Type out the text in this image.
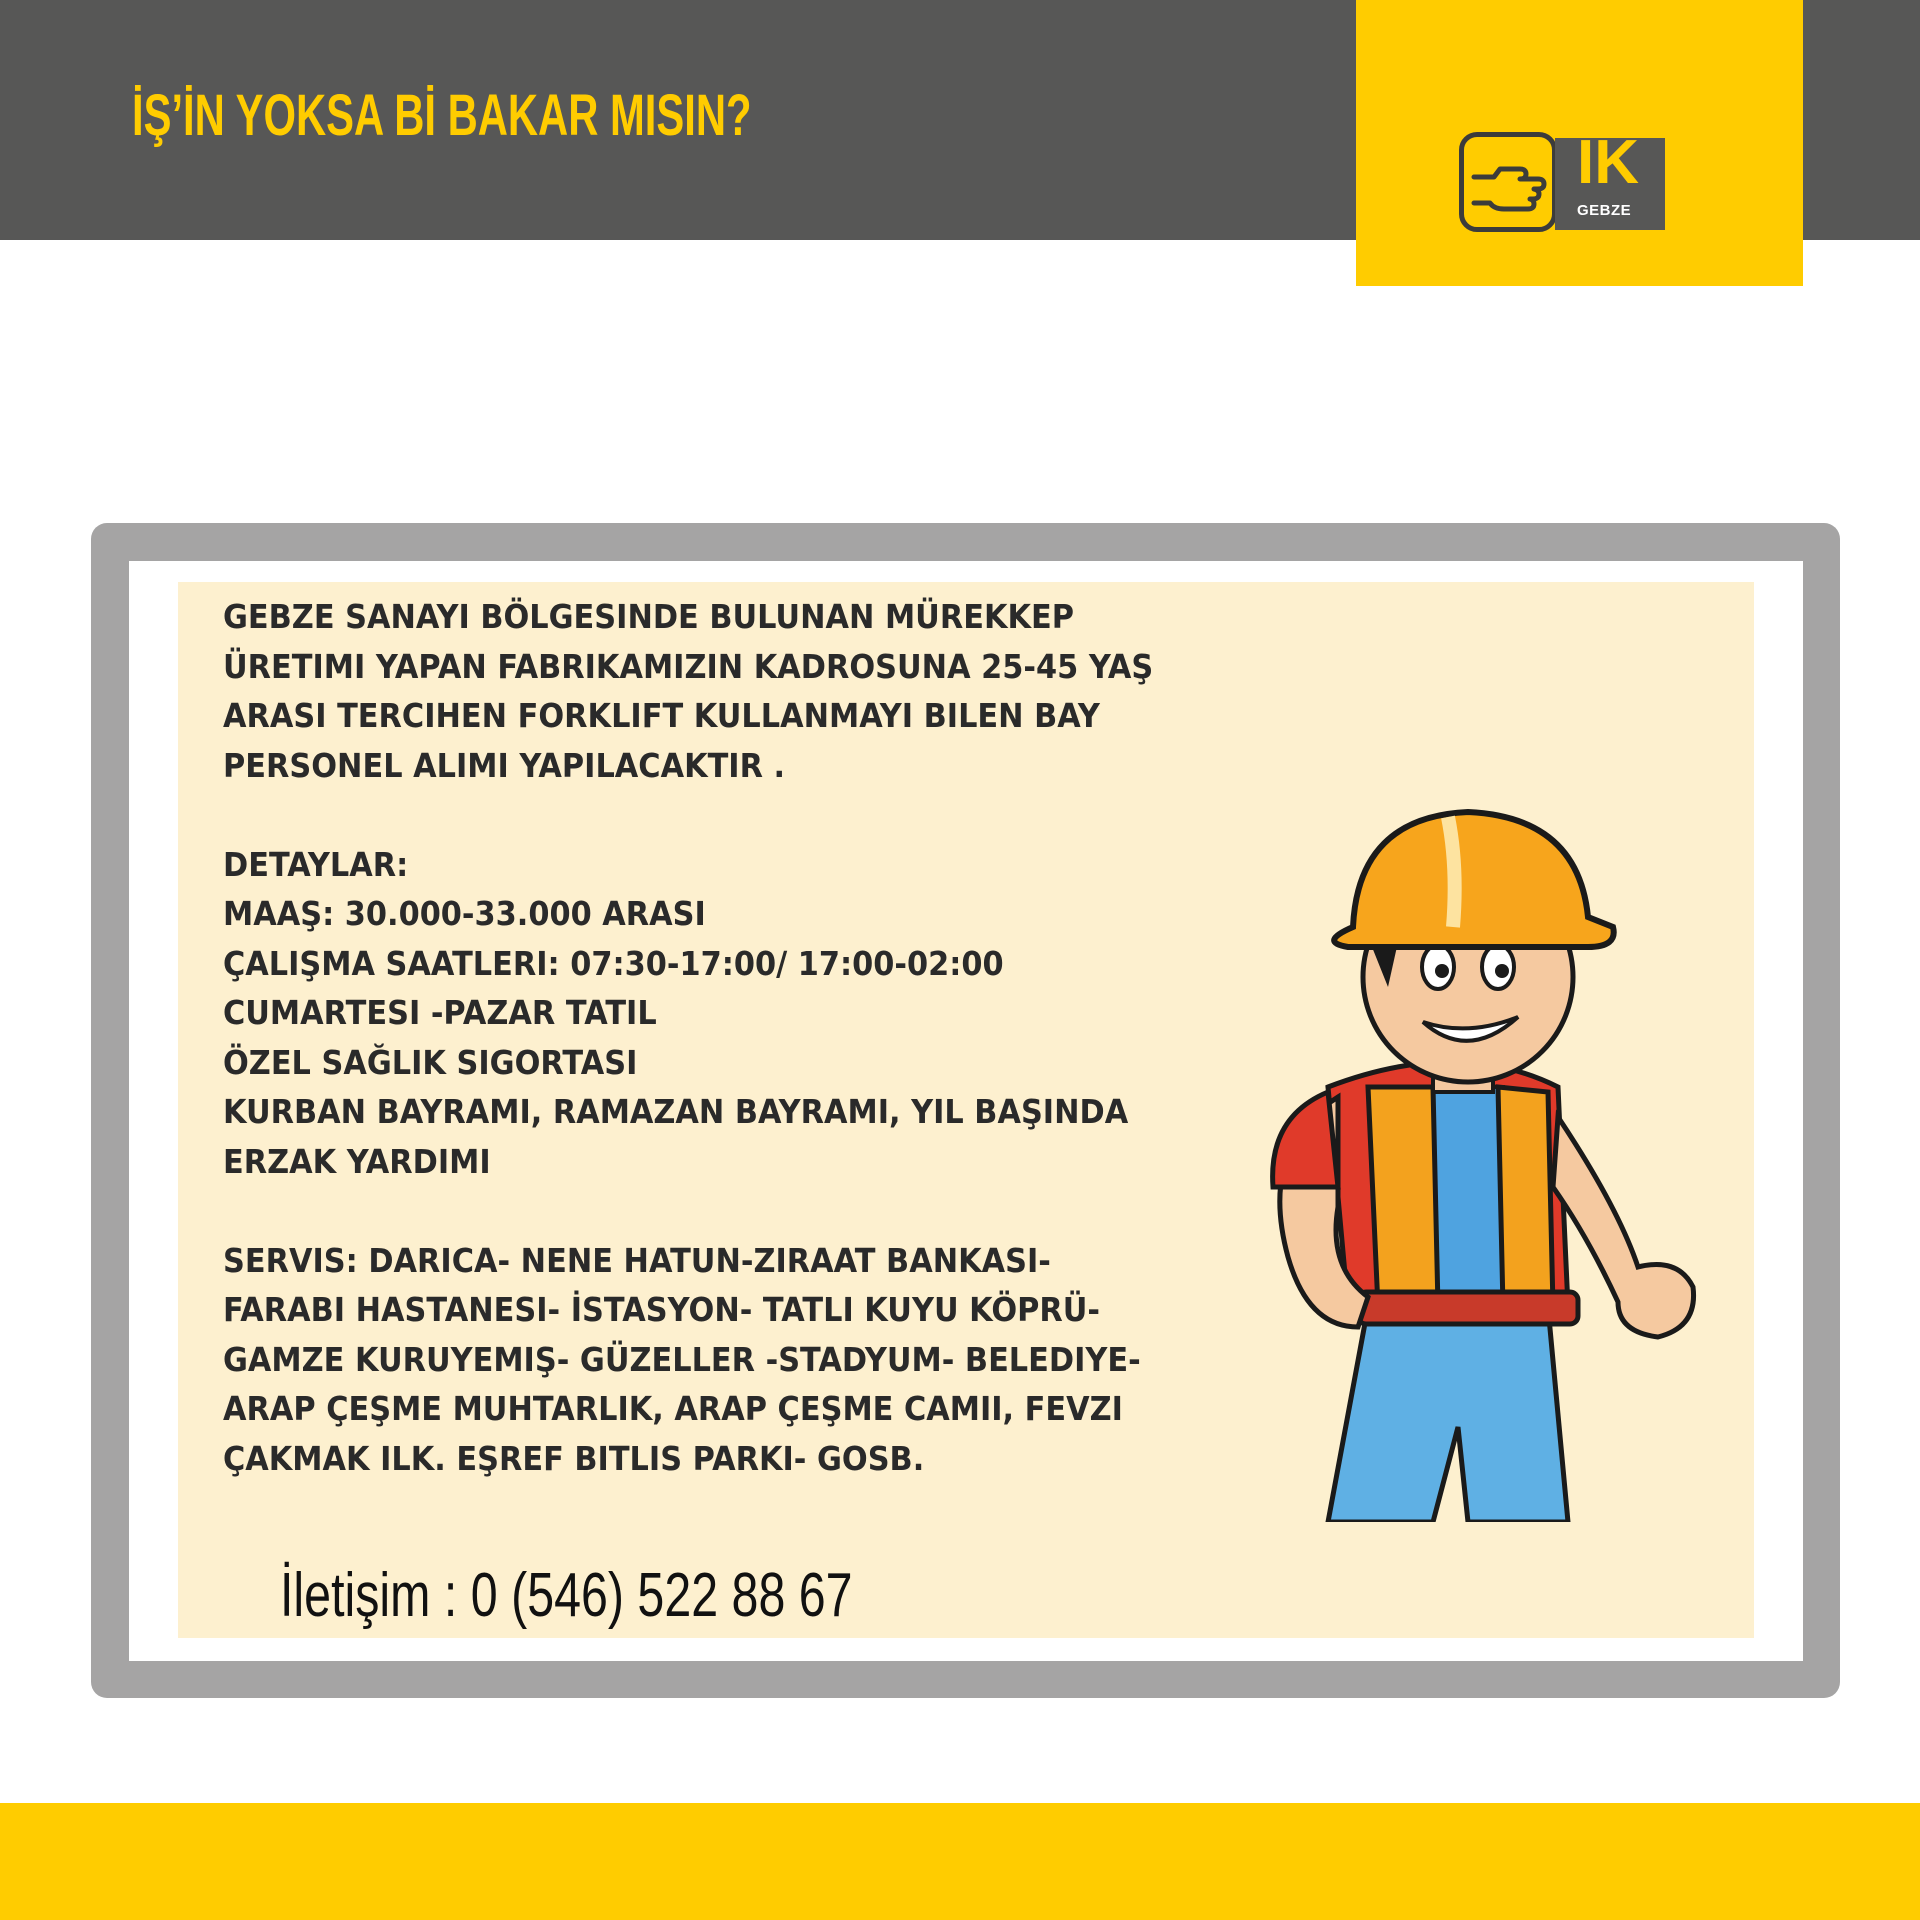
İŞ’İN YOKSA Bİ BAKAR MISIN?
İK
GEBZE
GEBZE SANAYI BÖLGESINDE BULUNAN MÜREKKEP
ÜRETIMI YAPAN FABRIKAMIZIN KADROSUNA 25-45 YAŞ
ARASI TERCIHEN FORKLIFT KULLANMAYI BILEN BAY
PERSONEL ALIMI YAPILACAKTIR .

DETAYLAR:
MAAŞ: 30.000-33.000 ARASI
ÇALIŞMA SAATLERI: 07:30-17:00/ 17:00-02:00
CUMARTESI -PAZAR TATIL
ÖZEL SAĞLIK SIGORTASI
KURBAN BAYRAMI, RAMAZAN BAYRAMI, YIL BAŞINDA
ERZAK YARDIMI

SERVIS: DARICA- NENE HATUN-ZIRAAT BANKASI-
FARABI HASTANESI- İSTASYON- TATLI KUYU KÖPRÜ-
GAMZE KURUYEMIŞ- GÜZELLER -STADYUM- BELEDIYE-
ARAP ÇEŞME MUHTARLIK, ARAP ÇEŞME CAMII, FEVZI
ÇAKMAK ILK. EŞREF BITLIS PARKI- GOSB.
İletişim : 0 (546) 522 88 67
